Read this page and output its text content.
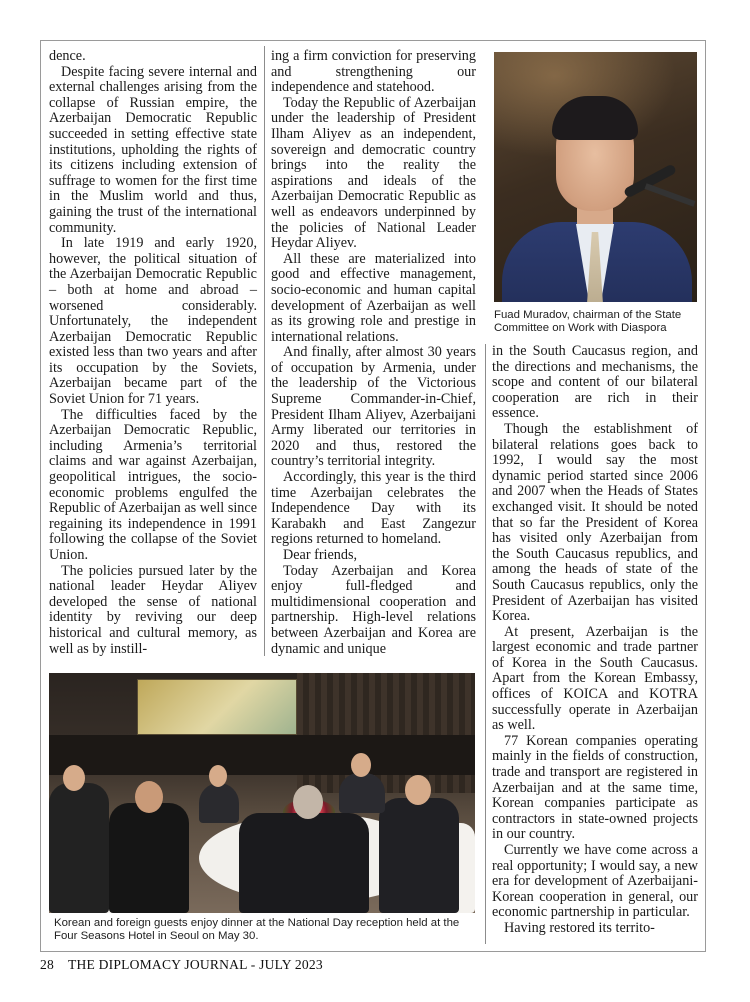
dence.

Despite facing severe internal and external challenges arising from the collapse of Russian empire, the Azerbaijan Democratic Republic succeeded in setting effective state institutions, upholding the rights of its citizens including extension of suffrage to women for the first time in the Muslim world and thus, gaining the trust of the international community.

In late 1919 and early 1920, however, the political situation of the Azerbaijan Democratic Republic – both at home and abroad – worsened considerably. Unfortunately, the independent Azerbaijan Democratic Republic existed less than two years and after its occupation by the Soviets, Azerbaijan became part of the Soviet Union for 71 years.

The difficulties faced by the Azerbaijan Democratic Republic, including Armenia’s territorial claims and war against Azerbaijan, geopolitical intrigues, the socio-economic problems engulfed the Republic of Azerbaijan as well since regaining its independence in 1991 following the collapse of the Soviet Union.

The policies pursued later by the national leader Heydar Aliyev developed the sense of national identity by reviving our deep historical and cultural memory, as well as by instill-

ing a firm conviction for preserving and strengthening our independence and statehood.

Today the Republic of Azerbaijan under the leadership of President Ilham Aliyev as an independent, sovereign and democratic country brings into the reality the aspirations and ideals of the Azerbaijan Democratic Republic as well as endeavors underpinned by the policies of National Leader Heydar Aliyev.

All these are materialized into good and effective management, socio-economic and human capital development of Azerbaijan as well as its growing role and prestige in international relations.

And finally, after almost 30 years of occupation by Armenia, under the leadership of the Victorious Supreme Commander-in-Chief, President Ilham Aliyev, Azerbaijani Army liberated our territories in 2020 and thus, restored the country’s territorial integrity.

Accordingly, this year is the third time Azerbaijan celebrates the Independence Day with its Karabakh and East Zangezur regions returned to homeland.

Dear friends,

Today Azerbaijan and Korea enjoy full-fledged and multidimensional cooperation and partnership. High-level relations between Azerbaijan and Korea are dynamic and unique

Fuad Muradov, chairman of the State Committee on Work with Diaspora

in the South Caucasus region, and the directions and mechanisms, the scope and content of our bilateral cooperation are rich in their essence.

Though the establishment of bilateral relations goes back to 1992, I would say the most dynamic period started since 2006 and 2007 when the Heads of States exchanged visit. It should be noted that so far the President of Korea has visited only Azerbaijan from the South Caucasus republics, and among the heads of state of the South Caucasus republics, only the President of Azerbaijan has visited Korea.

At present, Azerbaijan is the largest economic and trade partner of Korea in the South Caucasus. Apart from the Korean Embassy, offices of KOICA and KOTRA successfully operate in Azerbaijan as well.

77 Korean companies operating mainly in the fields of construction, trade and transport are registered in Azerbaijan and at the same time, Korean companies participate as contractors in state-owned projects in our country.

Currently we have come across a real opportunity; I would say, a new era for development of Azerbaijani-Korean cooperation in general, our economic partnership in particular.

Having restored its territo-

Korean and foreign guests enjoy dinner at the National Day reception held at the Four Seasons Hotel in Seoul on May 30.
28 THE DIPLOMACY JOURNAL - JULY 2023
